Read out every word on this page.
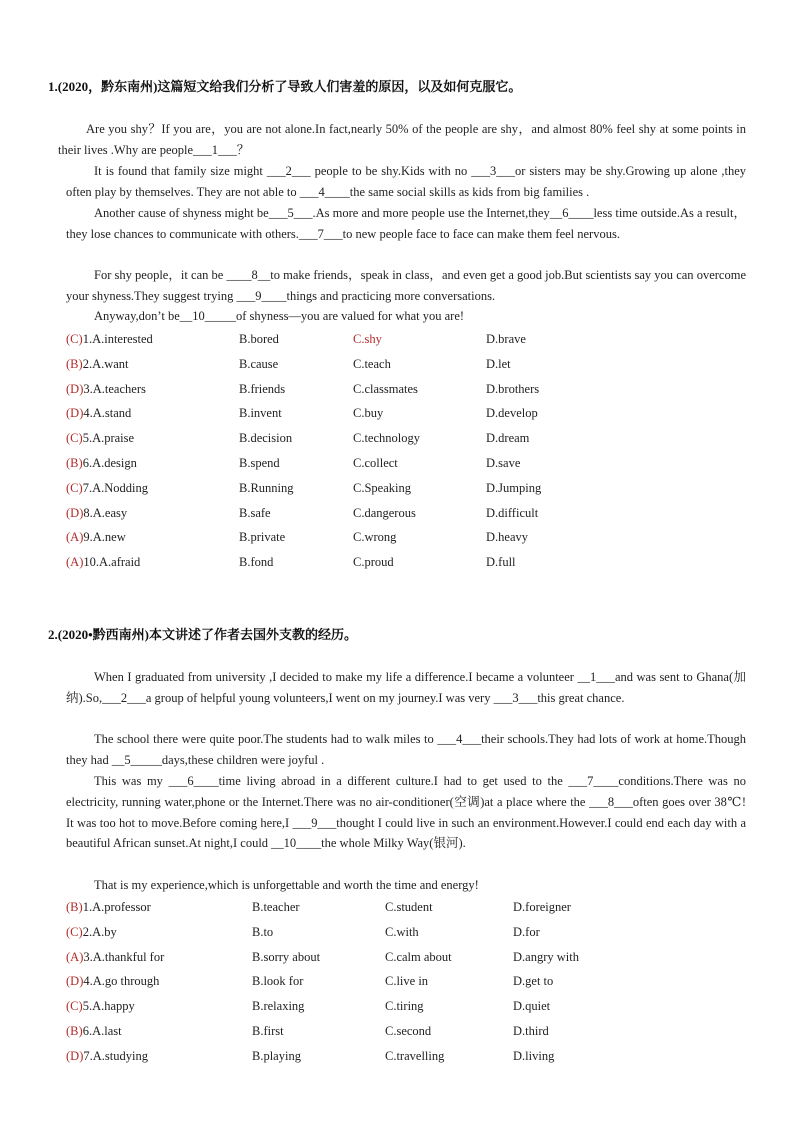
1.(2020，黔东南州)这篇短文给我们分析了导致人们害羞的原因，以及如何克服它。

Are you shy？If you are，you are not alone.In fact,nearly 50% of the people are shy，and almost 80% feel shy at some points in their lives .Why are people___1___？

It is found that family size might ___2___ people to be shy.Kids with no ___3___or sisters may be shy.Growing up alone ,they often play by themselves. They are not able to ___4____the same social skills as kids from big families .

Another cause of shyness might be___5___.As more and more people use the Internet,they__6____less time outside.As a result，they lose chances to communicate with others.___7___to new people face to face can make them feel nervous.

For shy people，it can be ____8__to make friends，speak in class，and even get a good job.But scientists say you can overcome your shyness.They suggest trying ___9____things and practicing more conversations.

Anyway,don’t be__10_____of shyness—you are valued for what you are!

(C)1.A.interested	B.bored	C.shy	D.brave
(B)2.A.want	B.cause	C.teach	D.let
(D)3.A.teachers	B.friends	C.classmates	D.brothers
(D)4.A.stand	B.invent	C.buy	D.develop
(C)5.A.praise	B.decision	C.technology	D.dream
(B)6.A.design	B.spend	C.collect	D.save
(C)7.A.Nodding	B.Running	C.Speaking	D.Jumping
(D)8.A.easy	B.safe	C.dangerous	D.difficult
(A)9.A.new	B.private	C.wrong	D.heavy
(A)10.A.afraid	B.fond	C.proud	D.full
2.(2020•黔西南州)本文讲述了作者去国外支教的经历。

When I graduated from university ,I decided to make my life a difference.I became a volunteer __1___and was sent to Ghana(加纳).So,___2___a group of helpful young volunteers,I went on my journey.I was very ___3___this great chance.

The school there were quite poor.The students had to walk miles to ___4___their schools.They had lots of work at home.Though they had __5_____days,these children were joyful .

This was my ___6____time living abroad in a different culture.I had to get used to the ___7____conditions.There was no electricity, running water,phone or the Internet.There was no air-conditioner(空调)at a place where the ___8___often goes over 38℃! It was too hot to move.Before coming here,I ___9___thought I could live in such an environment.However.I could end each day with a beautiful African sunset.At night,I could __10____the whole Milky Way(银河).

That is my experience,which is unforgettable and worth the time and energy!

(B)1.A.professor	B.teacher	C.student	D.foreigner
(C)2.A.by	B.to	C.with	D.for
(A)3.A.thankful for	B.sorry about	C.calm about	D.angry with
(D)4.A.go through	B.look for	C.live in	D.get to
(C)5.A.happy	B.relaxing	C.tiring	D.quiet
(B)6.A.last	B.first	C.second	D.third
(D)7.A.studying	B.playing	C.travelling	D.living
